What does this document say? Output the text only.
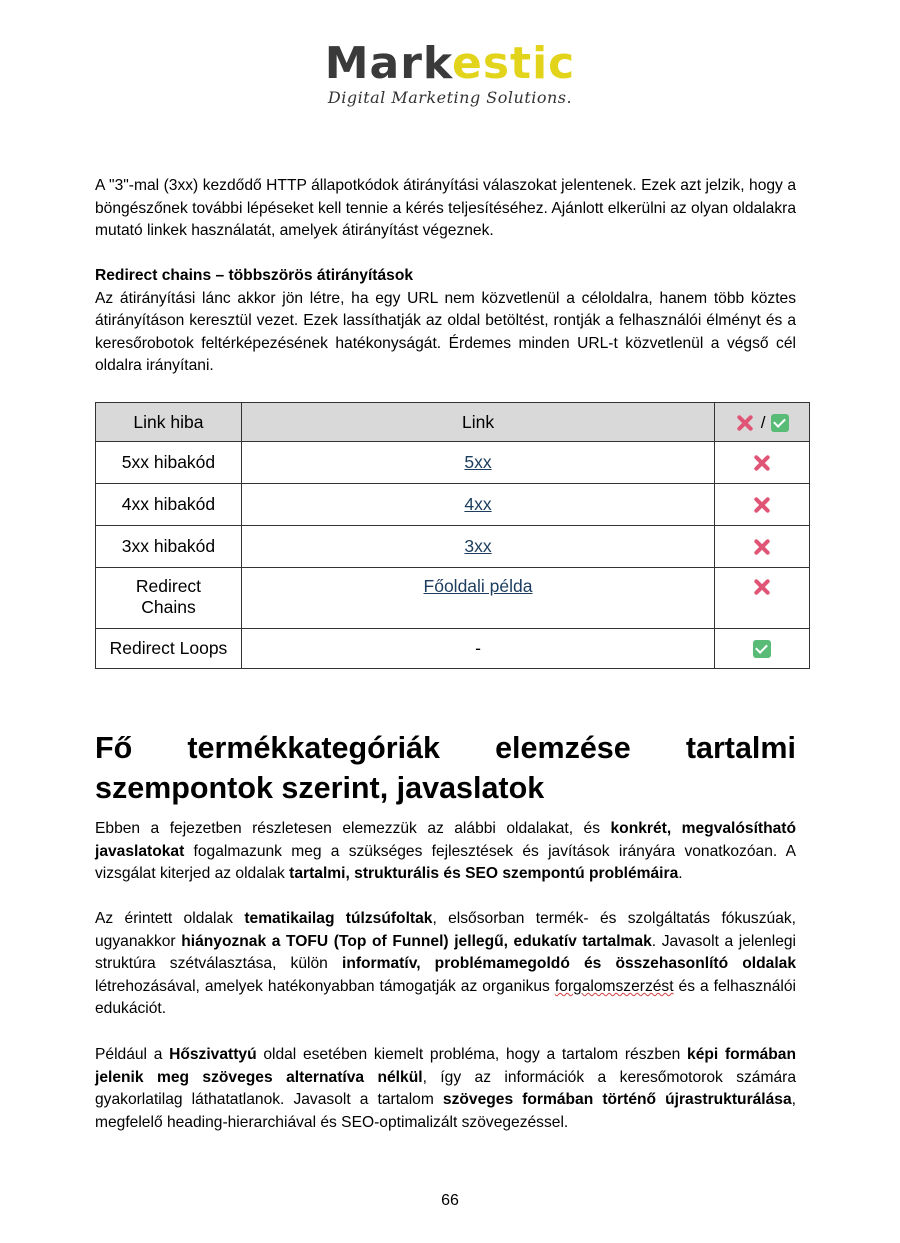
Markestic
Digital Marketing Solutions.

A "3"-mal (3xx) kezdődő HTTP állapotkódok átirányítási válaszokat jelentenek. Ezek azt jelzik, hogy a böngészőnek további lépéseket kell tennie a kérés teljesítéséhez. Ajánlott elkerülni az olyan oldalakra mutató linkek használatát, amelyek átirányítást végeznek.

Redirect chains – többszörös átirányítások

Az átirányítási lánc akkor jön létre, ha egy URL nem közvetlenül a céloldalra, hanem több köztes átirányításon keresztül vezet. Ezek lassíthatják az oldal betöltést, rontják a felhasználói élményt és a keresőrobotok feltérképezésének hatékonyságát. Érdemes minden URL-t közvetlenül a végső cél oldalra irányítani.

Link hiba	Link	/
5xx hibakód	5xx	
4xx hibakód	4xx	
3xx hibakód	3xx	
Redirect Chains	Főoldali példa	
Redirect Loops	-	
Fő termékkategóriák elemzése tartalmi szempontok szerint, javaslatok

Ebben a fejezetben részletesen elemezzük az alábbi oldalakat, és konkrét, megvalósítható javaslatokat fogalmazunk meg a szükséges fejlesztések és javítások irányára vonatkozóan. A vizsgálat kiterjed az oldalak tartalmi, strukturális és SEO szempontú problémáira.

Az érintett oldalak tematikailag túlzsúfoltak, elsősorban termék- és szolgáltatás fókuszúak, ugyanakkor hiányoznak a TOFU (Top of Funnel) jellegű, edukatív tartalmak. Javasolt a jelenlegi struktúra szétválasztása, külön informatív, problémamegoldó és összehasonlító oldalak létrehozásával, amelyek hatékonyabban támogatják az organikus forgalomszerzést és a felhasználói edukációt.

Például a Hőszivattyú oldal esetében kiemelt probléma, hogy a tartalom részben képi formában jelenik meg szöveges alternatíva nélkül, így az információk a keresőmotorok számára gyakorlatilag láthatatlanok. Javasolt a tartalom szöveges formában történő újrastrukturálása, megfelelő heading-hierarchiával és SEO-optimalizált szövegezéssel.

66
